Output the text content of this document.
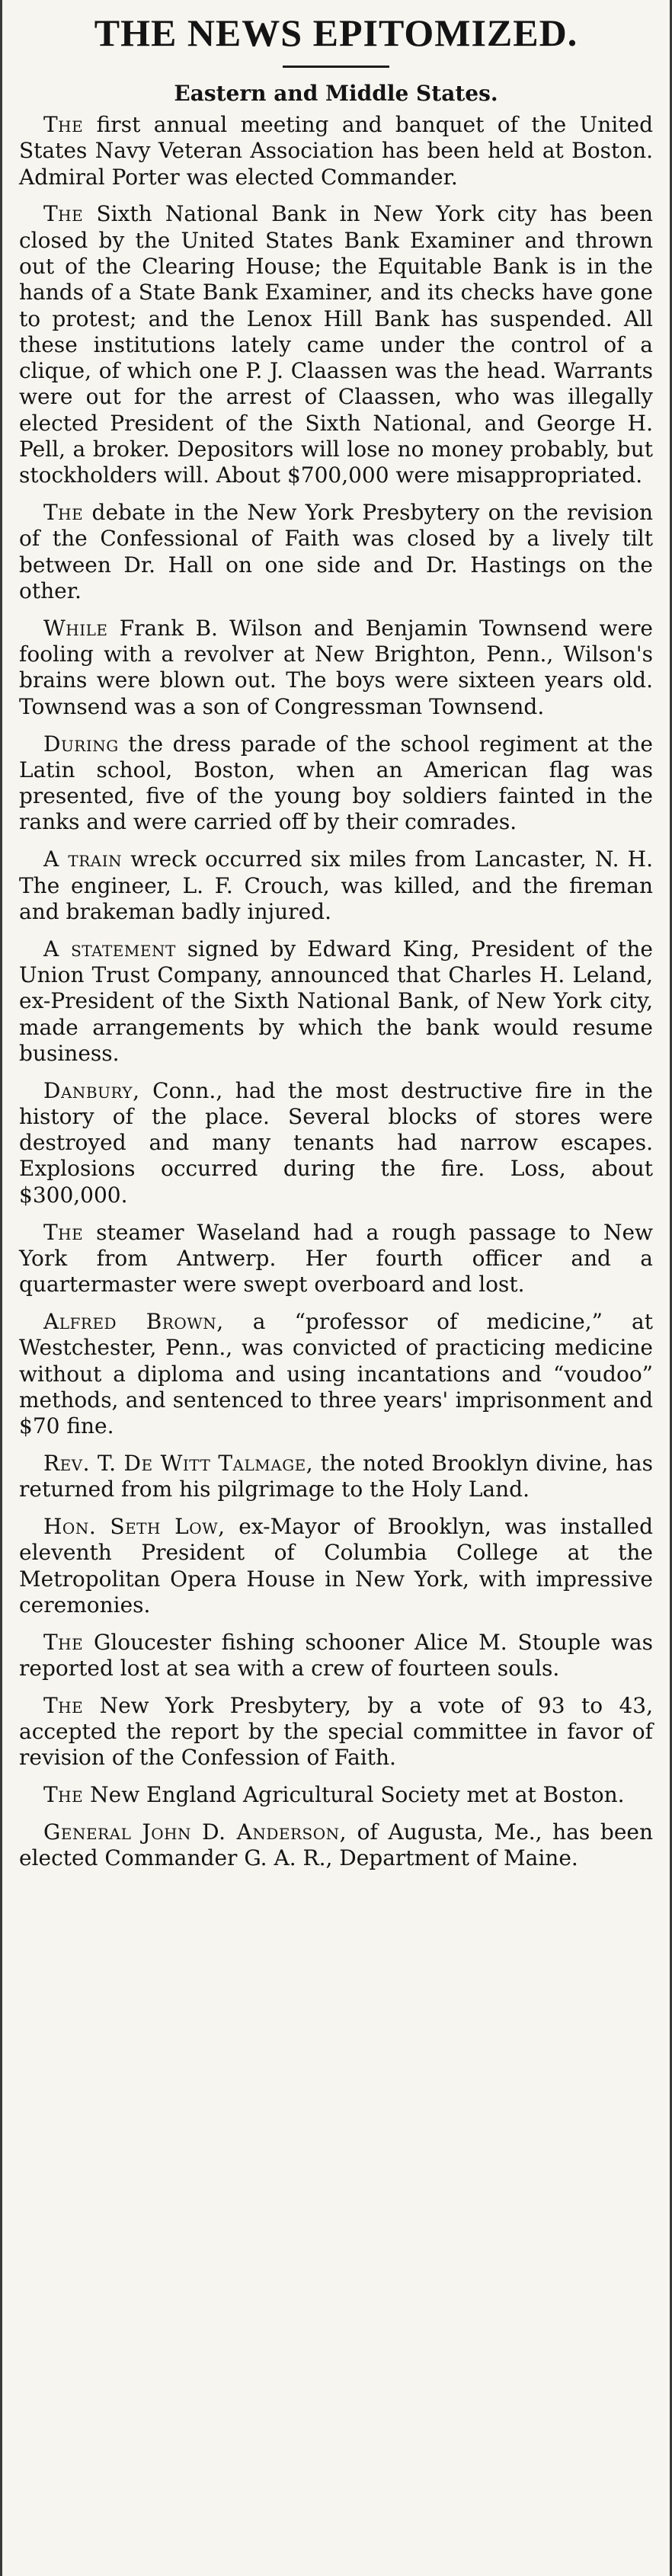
THE NEWS EPITOMIZED.
Eastern and Middle States.

The first annual meeting and banquet of the United States Navy Veteran Association has been held at Boston. Admiral Porter was elected Commander.

The Sixth National Bank in New York city has been closed by the United States Bank Examiner and thrown out of the Clearing House; the Equitable Bank is in the hands of a State Bank Examiner, and its checks have gone to protest; and the Lenox Hill Bank has suspended. All these institutions lately came under the control of a clique, of which one P. J. Claassen was the head. Warrants were out for the arrest of Claassen, who was illegally elected President of the Sixth National, and George H. Pell, a broker. Depositors will lose no money probably, but stockholders will. About $700,000 were misappropriated.

The debate in the New York Presbytery on the revision of the Confessional of Faith was closed by a lively tilt between Dr. Hall on one side and Dr. Hastings on the other.

While Frank B. Wilson and Benjamin Townsend were fooling with a revolver at New Brighton, Penn., Wilson's brains were blown out. The boys were sixteen years old. Townsend was a son of Congressman Townsend.

During the dress parade of the school regiment at the Latin school, Boston, when an American flag was presented, five of the young boy soldiers fainted in the ranks and were carried off by their comrades.

A train wreck occurred six miles from Lancaster, N. H. The engineer, L. F. Crouch, was killed, and the fireman and brakeman badly injured.

A statement signed by Edward King, President of the Union Trust Company, announced that Charles H. Leland, ex-President of the Sixth National Bank, of New York city, made arrangements by which the bank would resume business.

Danbury, Conn., had the most destructive fire in the history of the place. Several blocks of stores were destroyed and many tenants had narrow escapes. Explosions occurred during the fire. Loss, about $300,000.

The steamer Waseland had a rough passage to New York from Antwerp. Her fourth officer and a quartermaster were swept overboard and lost.

Alfred Brown, a “professor of medicine,” at Westchester, Penn., was convicted of practicing medicine without a diploma and using incantations and “voudoo” methods, and sentenced to three years' imprisonment and $70 fine.

Rev. T. De Witt Talmage, the noted Brooklyn divine, has returned from his pilgrimage to the Holy Land.

Hon. Seth Low, ex-Mayor of Brooklyn, was installed eleventh President of Columbia College at the Metropolitan Opera House in New York, with impressive ceremonies.

The Gloucester fishing schooner Alice M. Stouple was reported lost at sea with a crew of fourteen souls.

The New York Presbytery, by a vote of 93 to 43, accepted the report by the special committee in favor of revision of the Confession of Faith.

The New England Agricultural Society met at Boston.

General John D. Anderson, of Augusta, Me., has been elected Commander G. A. R., Department of Maine.
